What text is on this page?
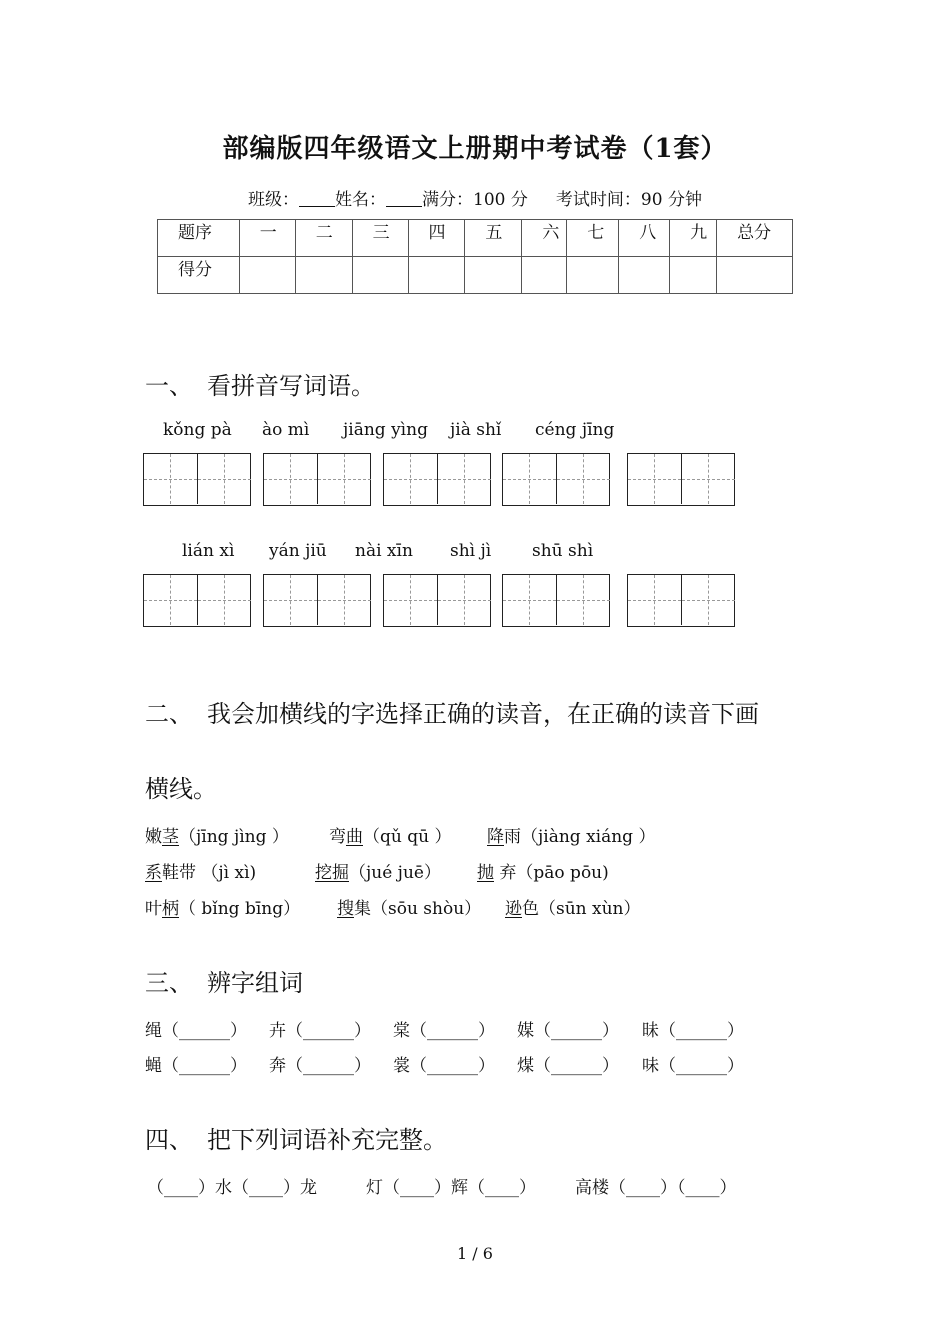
部编版四年级语文上册期中考试卷（1套）
班级： 姓名： 满分：100 分 考试时间：90 分钟
题序	一	二	三	四	五	六	七	八	九	总分
得分										
一、 看拼音写词语。
kǒng pà ào mì jiāng yìng jià shǐ céng jīng
lián xì yán jiū nài xīn shì jì shū shì
二、 我会加横线的字选择正确的读音，在正确的读音下画
横线。
嫩茎（jīng jìng ） 弯曲（qǔ qū ） 降雨（jiàng xiáng ）
系鞋带 （jì xì)	挖掘（jué juē） 抛 弃（pāo pōu)
叶柄（ bǐng bīng） 搜集（sōu shòu） 逊色（sūn xùn）
三、 辨字组词
绳（______） 卉（______） 棠（______） 媒（______） 昧（______）
蝇（______） 奔（______） 裳（______） 煤（______） 味（______）
四、 把下列词语补充完整。
（____）水（____）龙	灯（____）辉（____） 高楼（____）（____）
1 / 6
